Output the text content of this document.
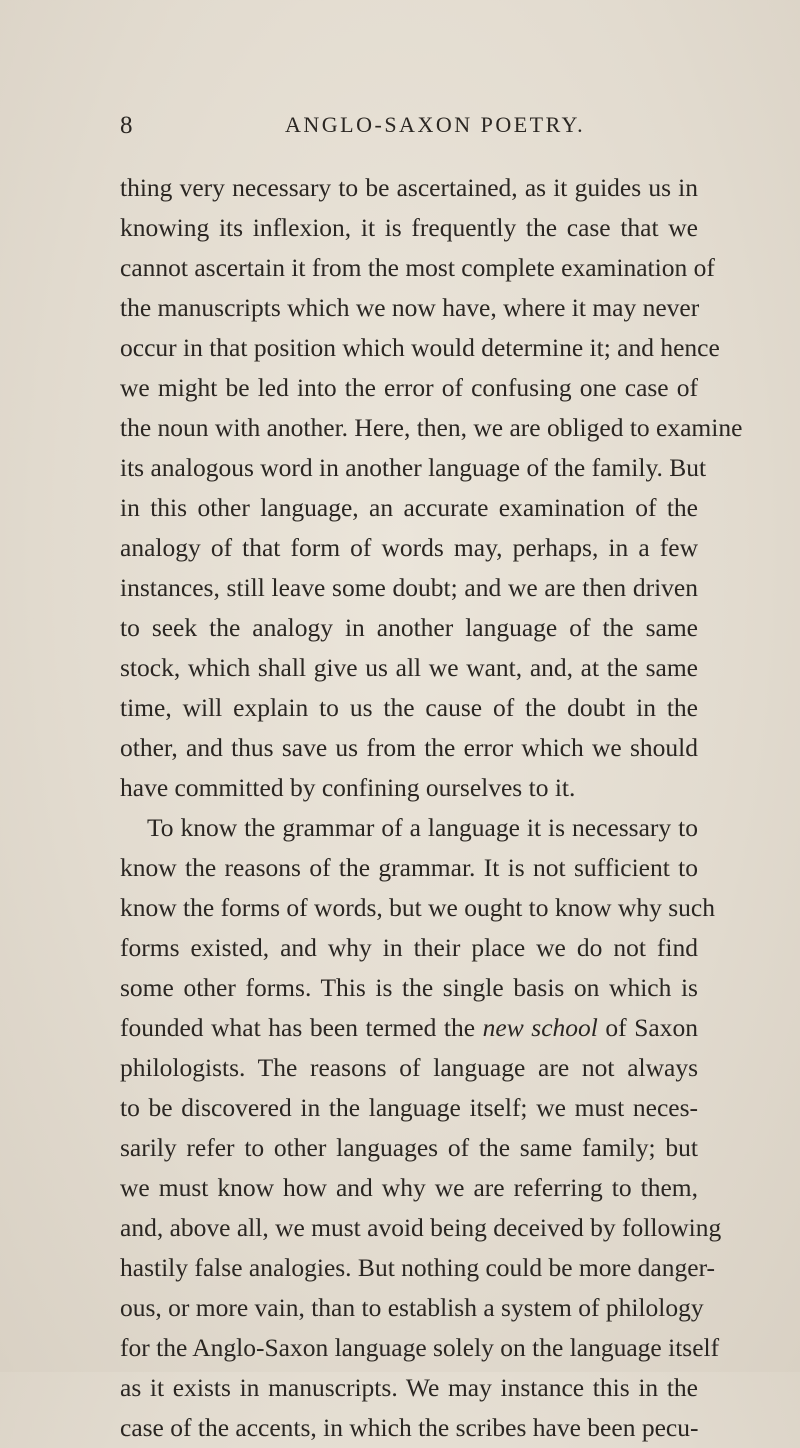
8	ANGLO-SAXON POETRY.
thing very necessary to be ascertained, as it guides us in
knowing its inflexion, it is frequently the case that we
cannot ascertain it from the most complete examination of
the manuscripts which we now have, where it may never
occur in that position which would determine it; and hence
we might be led into the error of confusing one case of
the noun with another. Here, then, we are obliged to examine
its analogous word in another language of the family. But
in this other language, an accurate examination of the
analogy of that form of words may, perhaps, in a few
instances, still leave some doubt; and we are then driven
to seek the analogy in another language of the same
stock, which shall give us all we want, and, at the same
time, will explain to us the cause of the doubt in the
other, and thus save us from the error which we should
have committed by confining ourselves to it.
To know the grammar of a language it is necessary to
know the reasons of the grammar. It is not sufficient to
know the forms of words, but we ought to know why such
forms existed, and why in their place we do not find
some other forms. This is the single basis on which is
founded what has been termed the new school of Saxon
philologists. The reasons of language are not always
to be discovered in the language itself; we must neces-
sarily refer to other languages of the same family; but
we must know how and why we are referring to them,
and, above all, we must avoid being deceived by following
hastily false analogies. But nothing could be more danger-
ous, or more vain, than to establish a system of philology
for the Anglo-Saxon language solely on the language itself
as it exists in manuscripts. We may instance this in the
case of the accents, in which the scribes have been pecu-
